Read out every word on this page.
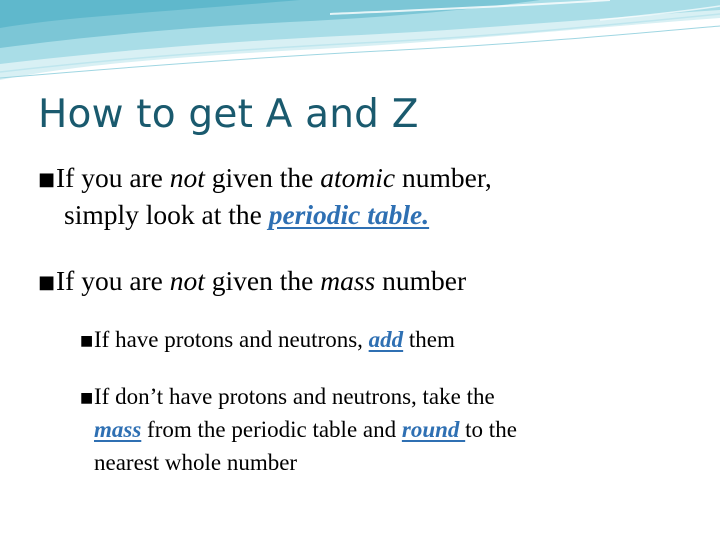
How to get A and Z
■If you are not given the atomic number,
simply look at the periodic table.
■If you are not given the mass number
■If have protons and neutrons, add them
■If don’t have protons and neutrons, take the
mass from the periodic table and round to the
nearest whole number
